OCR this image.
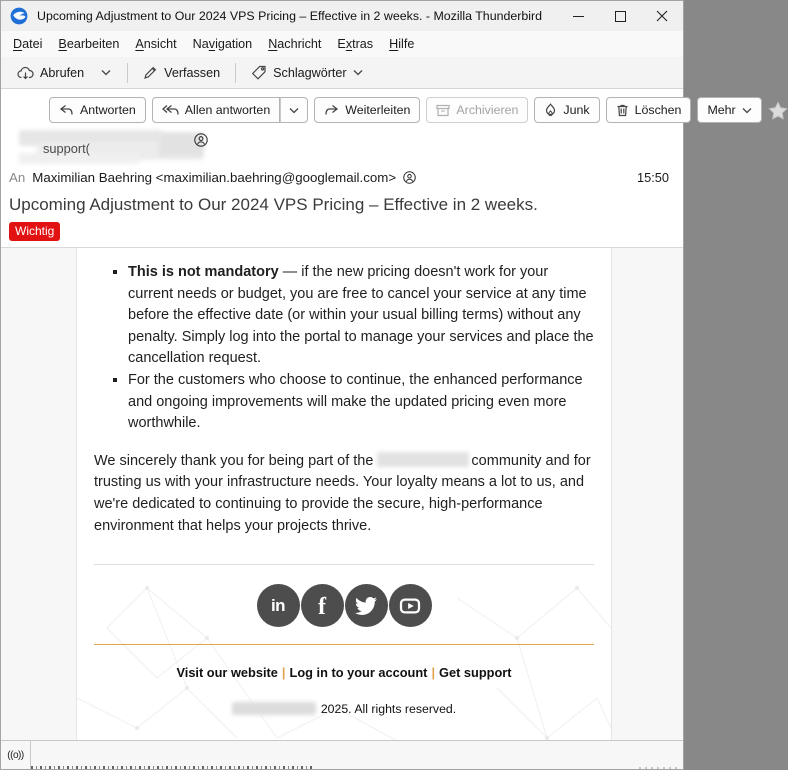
Upcoming Adjustment to Our 2024 VPS Pricing – Effective in 2 weeks. - Mozilla Thunderbird
Datei	Bearbeiten	Ansicht	Navigation	Nachricht	Extras	Hilfe
Abrufen	Verfassen	Schlagwörter
Antworten	Allen antworten	Weiterleiten	Archivieren	Junk	Löschen Mehr
support(
An Maximilian Baehring <maximilian.baehring@googlemail.com>	15:50
Upcoming Adjustment to Our 2024 VPS Pricing – Effective in 2 weeks.
Wichtig
▪ This is not mandatory — if the new pricing doesn't work for your current needs or budget, you are free to cancel your service at any time before the effective date (or within your usual billing terms) without any penalty. Simply log into the portal to manage your services and place the cancellation request.
▪ For the customers who choose to continue, the enhanced performance and ongoing improvements will make the updated pricing even more worthwhile.
We sincerely thank you for being part of the	community and for trusting us with your infrastructure needs. Your loyalty means a lot to us, and we're dedicated to continuing to provide the secure, high-performance environment that helps your projects thrive.
in f
Visit our website | Log in to your account | Get support
2025. All rights reserved.
((o))
